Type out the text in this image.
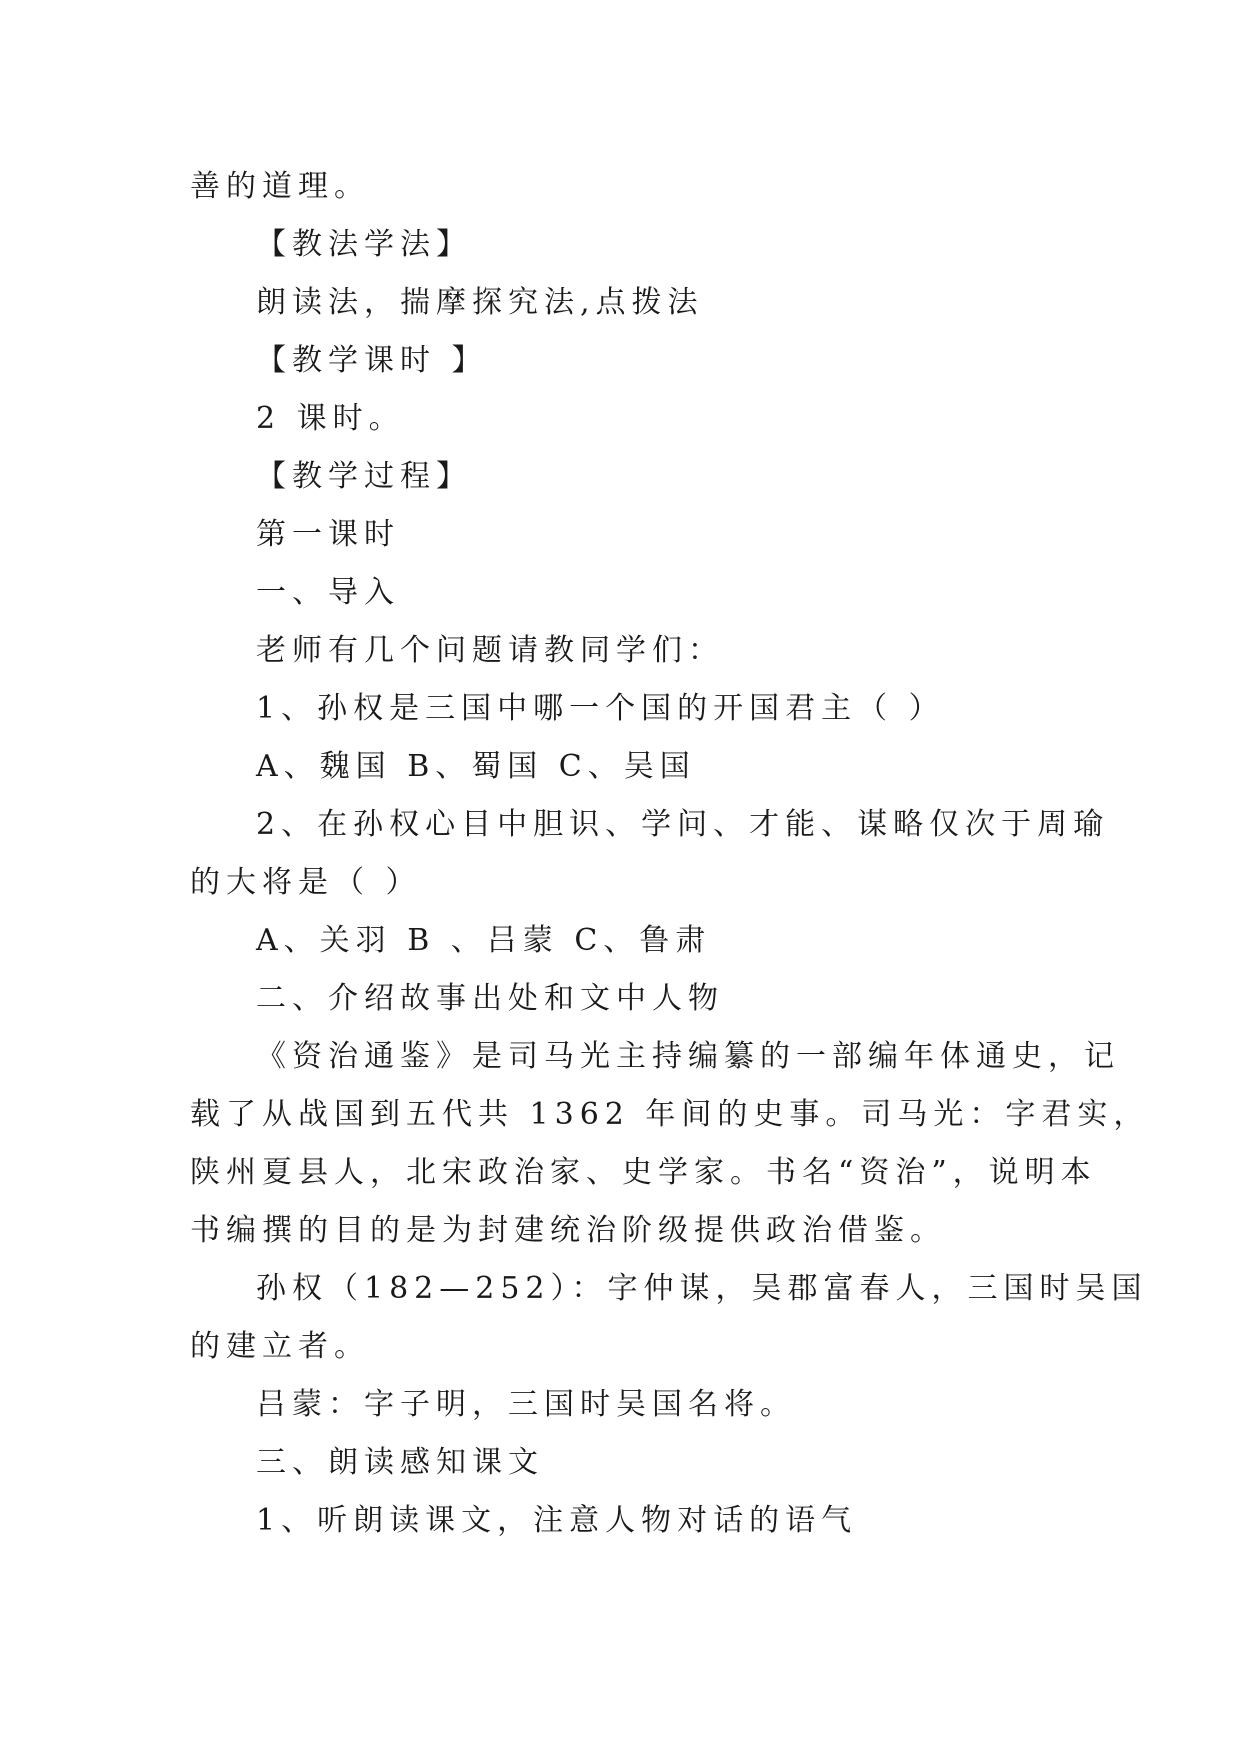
善的道理。
【教法学法】
朗读法，揣摩探究法,点拨法
【教学课时 】
2 课时。
【教学过程】
第一课时
一、导入
老师有几个问题请教同学们：
1、孙权是三国中哪一个国的开国君主（ ）
A、魏国 B、蜀国 C、吴国
2、在孙权心目中胆识、学问、才能、谋略仅次于周瑜
的大将是（ ）
A、关羽 B 、吕蒙 C、鲁肃
二、介绍故事出处和文中人物
《资治通鉴》是司马光主持编纂的一部编年体通史，记
载了从战国到五代共 1362 年间的史事。司马光：字君实，
陕州夏县人，北宋政治家、史学家。书名“资治”，说明本
书编撰的目的是为封建统治阶级提供政治借鉴。
孙权（182—252）：字仲谋，吴郡富春人，三国时吴国
的建立者。
吕蒙：字子明，三国时吴国名将。
三、朗读感知课文
1、听朗读课文，注意人物对话的语气
